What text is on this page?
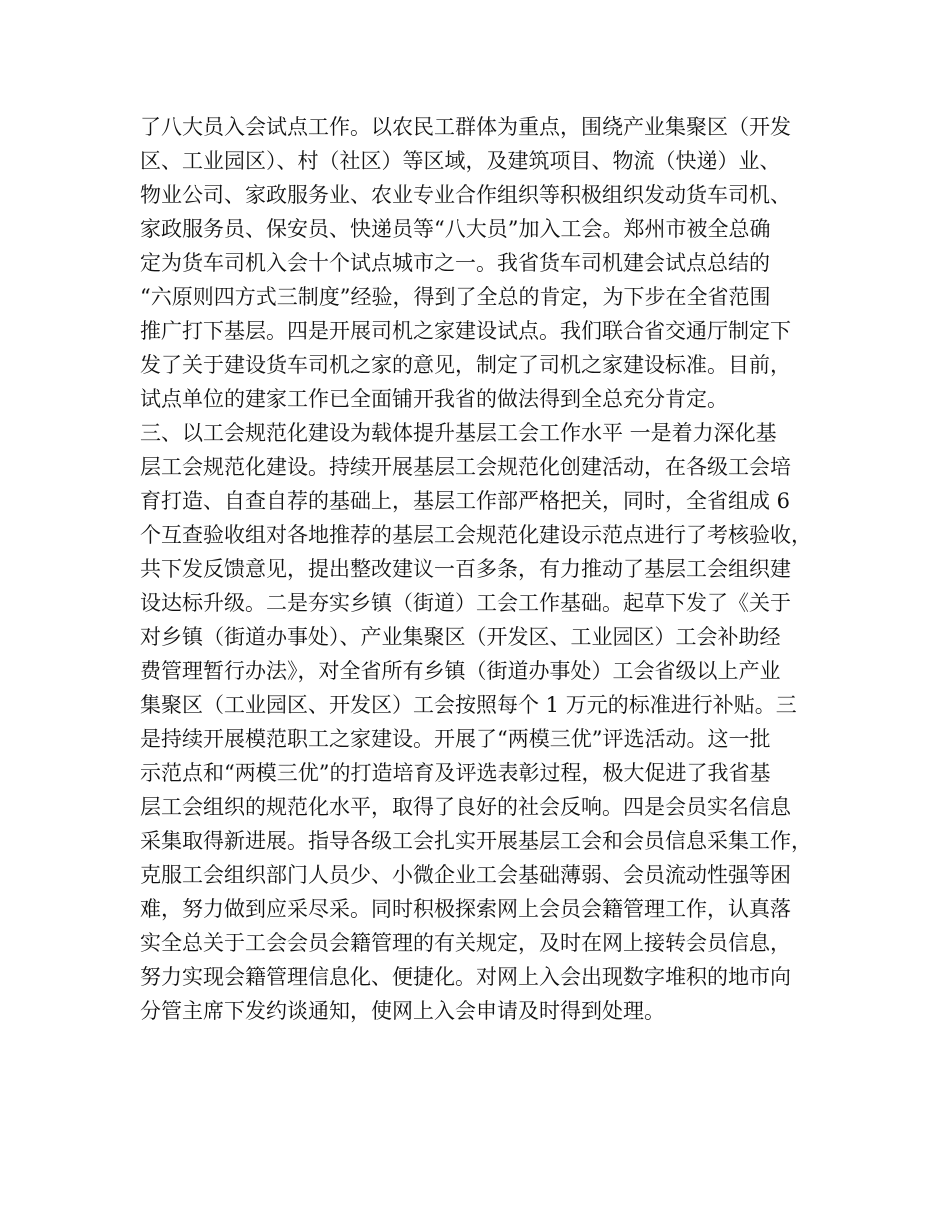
了八大员入会试点工作。以农民工群体为重点，围绕产业集聚区（开发
区、工业园区）、村（社区）等区域，及建筑项目、物流（快递）业、
物业公司、家政服务业、农业专业合作组织等积极组织发动货车司机、
家政服务员、保安员、快递员等“八大员”加入工会。郑州市被全总确
定为货车司机入会十个试点城市之一。我省货车司机建会试点总结的
“六原则四方式三制度”经验，得到了全总的肯定，为下步在全省范围
推广打下基层。四是开展司机之家建设试点。我们联合省交通厅制定下
发了关于建设货车司机之家的意见，制定了司机之家建设标准。目前，
试点单位的建家工作已全面铺开我省的做法得到全总充分肯定。
三、以工会规范化建设为载体提升基层工会工作水平 一是着力深化基
层工会规范化建设。持续开展基层工会规范化创建活动，在各级工会培
育打造、自查自荐的基础上，基层工作部严格把关，同时，全省组成 6
个互查验收组对各地推荐的基层工会规范化建设示范点进行了考核验收，
共下发反馈意见，提出整改建议一百多条，有力推动了基层工会组织建
设达标升级。二是夯实乡镇（街道）工会工作基础。起草下发了《关于
对乡镇（街道办事处）、产业集聚区（开发区、工业园区）工会补助经
费管理暂行办法》，对全省所有乡镇（街道办事处）工会省级以上产业
集聚区（工业园区、开发区）工会按照每个 1 万元的标准进行补贴。三
是持续开展模范职工之家建设。开展了“两模三优”评选活动。这一批
示范点和“两模三优”的打造培育及评选表彰过程，极大促进了我省基
层工会组织的规范化水平，取得了良好的社会反响。四是会员实名信息
采集取得新进展。指导各级工会扎实开展基层工会和会员信息采集工作，
克服工会组织部门人员少、小微企业工会基础薄弱、会员流动性强等困
难，努力做到应采尽采。同时积极探索网上会员会籍管理工作，认真落
实全总关于工会会员会籍管理的有关规定，及时在网上接转会员信息，
努力实现会籍管理信息化、便捷化。对网上入会出现数字堆积的地市向
分管主席下发约谈通知，使网上入会申请及时得到处理。
